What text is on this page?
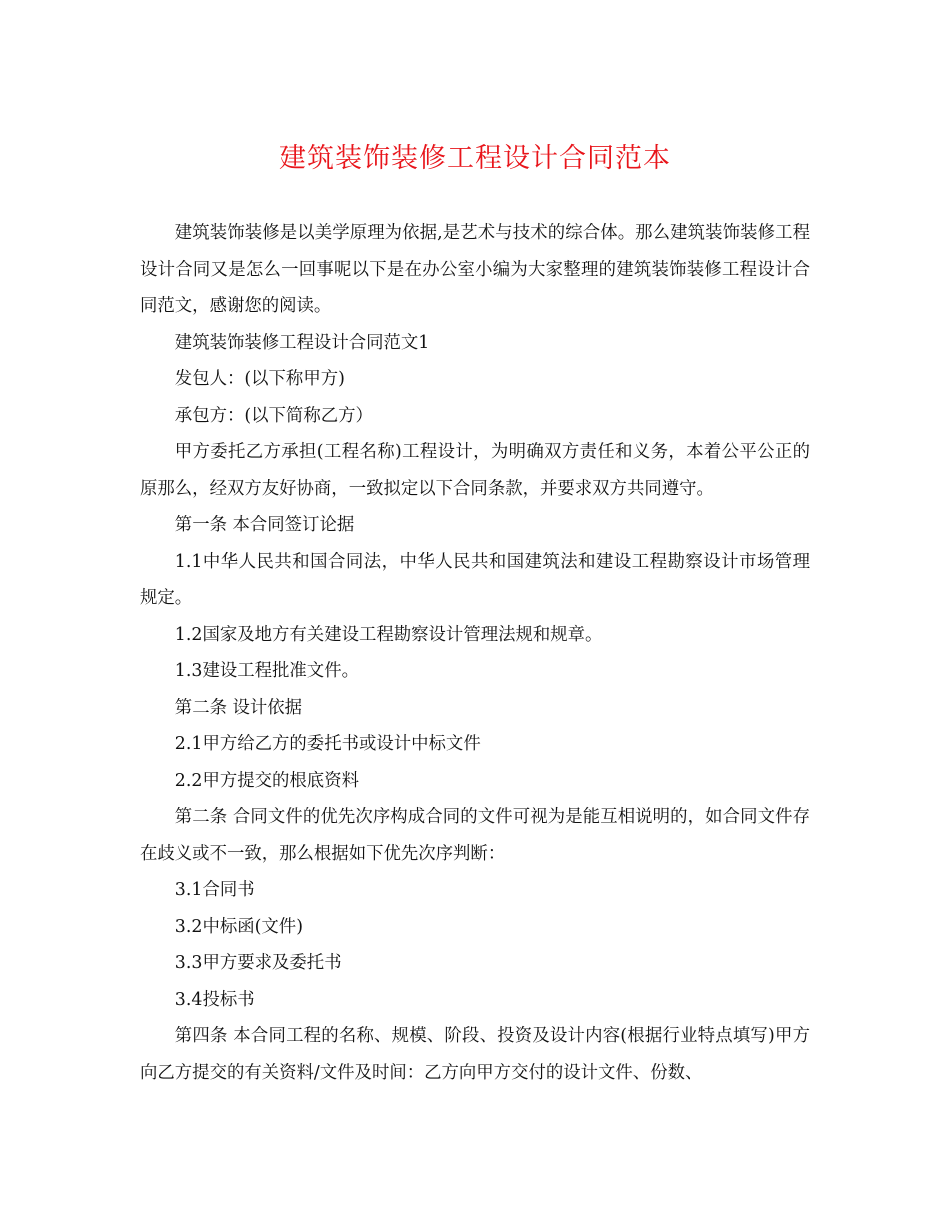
建筑装饰装修工程设计合同范本

建筑装饰装修是以美学原理为依据,是艺术与技术的综合体。那么建筑装饰装修工程设计合同又是怎么一回事呢以下是在办公室小编为大家整理的建筑装饰装修工程设计合同范文，感谢您的阅读。

建筑装饰装修工程设计合同范文1

发包人：(以下称甲方)

承包方：(以下简称乙方）

甲方委托乙方承担(工程名称)工程设计，为明确双方责任和义务，本着公平公正的原那么，经双方友好协商，一致拟定以下合同条款，并要求双方共同遵守。

第一条 本合同签订论据

1.1中华人民共和国合同法，中华人民共和国建筑法和建设工程勘察设计市场管理规定。

1.2国家及地方有关建设工程勘察设计管理法规和规章。

1.3建设工程批准文件。

第二条 设计依据

2.1甲方给乙方的委托书或设计中标文件

2.2甲方提交的根底资料

第二条 合同文件的优先次序构成合同的文件可视为是能互相说明的，如合同文件存在歧义或不一致，那么根据如下优先次序判断：

3.1合同书

3.2中标函(文件)

3.3甲方要求及委托书

3.4投标书

第四条 本合同工程的名称、规模、阶段、投资及设计内容(根据行业特点填写)甲方向乙方提交的有关资料/文件及时间：乙方向甲方交付的设计文件、份数、
